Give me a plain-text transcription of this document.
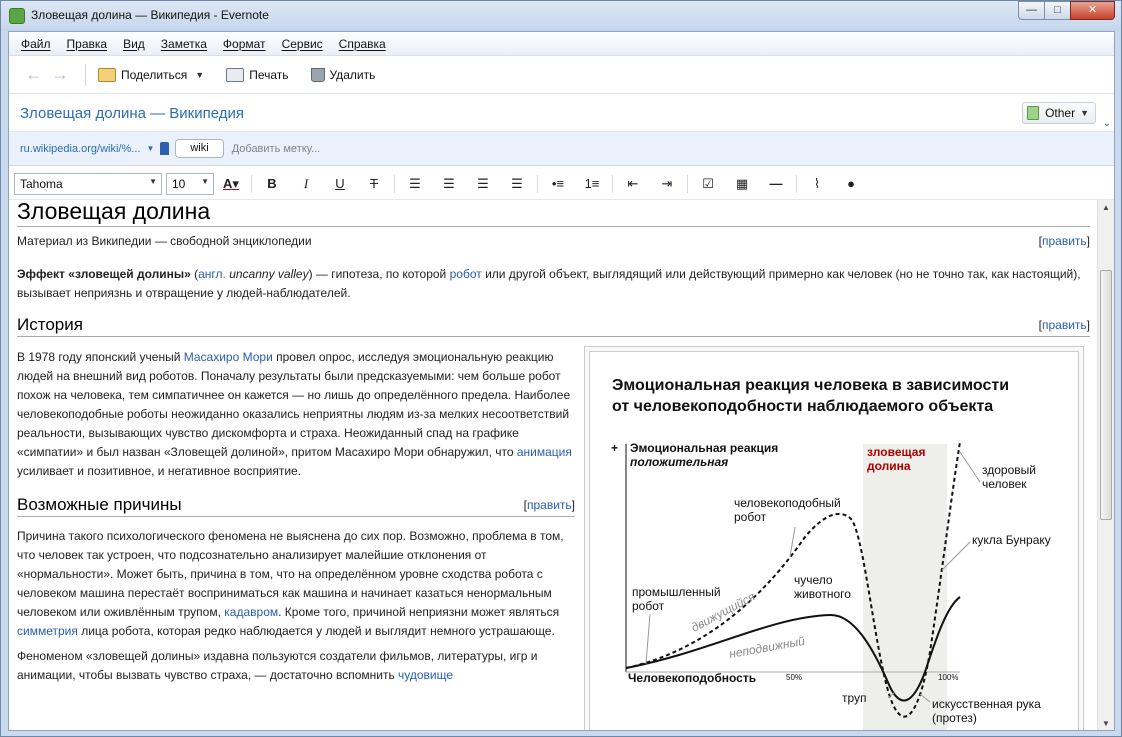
Зловещая долина — Википедия - Evernote	—	□	✕
Файл	Правка	Вид	Заметка	Формат	Сервис	Справка
← →	Поделиться ▼	Печать	Удалить
Зловещая долина — Википедия	Other ▼
⌄
ru.wikipedia.org/wiki/%... ▼	wiki	Добавить метку...
Tahoma	▼ 10 ▼	A▾	B	I	U	T	☰	☰	☰	☰	•≡	1≡	⇤	⇥	☑	▦	—	⌇	●
Зловещая долина
Материал из Википедии — свободной энциклопедии	[править]
Эффект «зловещей долины» (англ. uncanny valley) — гипотеза, по которой робот или другой объект, выглядящий или действующий примерно как человек (но не точно так, как настоящий), вызывает неприязнь и отвращение у людей-наблюдателей.
История	[править]
В 1978 году японский ученый Масахиро Мори провел опрос, исследуя эмоциональную реакцию людей на внешний вид роботов. Поначалу результаты были предсказуемыми: чем больше робот похож на человека, тем симпатичнее он кажется — но лишь до определённого предела. Наиболее человекоподобные роботы неожиданно оказались неприятны людям из-за мелких несоответствий реальности, вызывающих чувство дискомфорта и страха. Неожиданный спад на графике «симпатии» и был назван «Зловещей долиной», притом Масахиро Мори обнаружил, что анимация усиливает и позитивное, и негативное восприятие.
Возможные причины	[править]
Причина такого психологического феномена не выяснена до сих пор. Возможно, проблема в том, что человек так устроен, что подсознательно анализирует малейшие отклонения от «нормальности». Может быть, причина в том, что на определённом уровне сходства робота с человеком машина перестаёт восприниматься как машина и начинает казаться ненормальным человеком или оживлённым трупом, кадавром. Кроме того, причиной неприязни может являться симметрия лица робота, которая редко наблюдается у людей и выглядит немного устрашающе.
Феноменом «зловещей долины» издавна пользуются создатели фильмов, литературы, игр и анимации, чтобы вызвать чувство страха, — достаточно вспомнить чудовище
Эмоциональная реакция человека в зависимости
от человекоподобности наблюдаемого объекта
+ Эмоциональная реакция
положительная
зловещая
долина
движущийся
неподвижный
промышленный
робот
человекоподобный
робот
чучело
животного
здоровый
человек
кукла Бунраку
труп	искусственная рука
(протез)
Человекоподобность	50%	100%
▲
▼
